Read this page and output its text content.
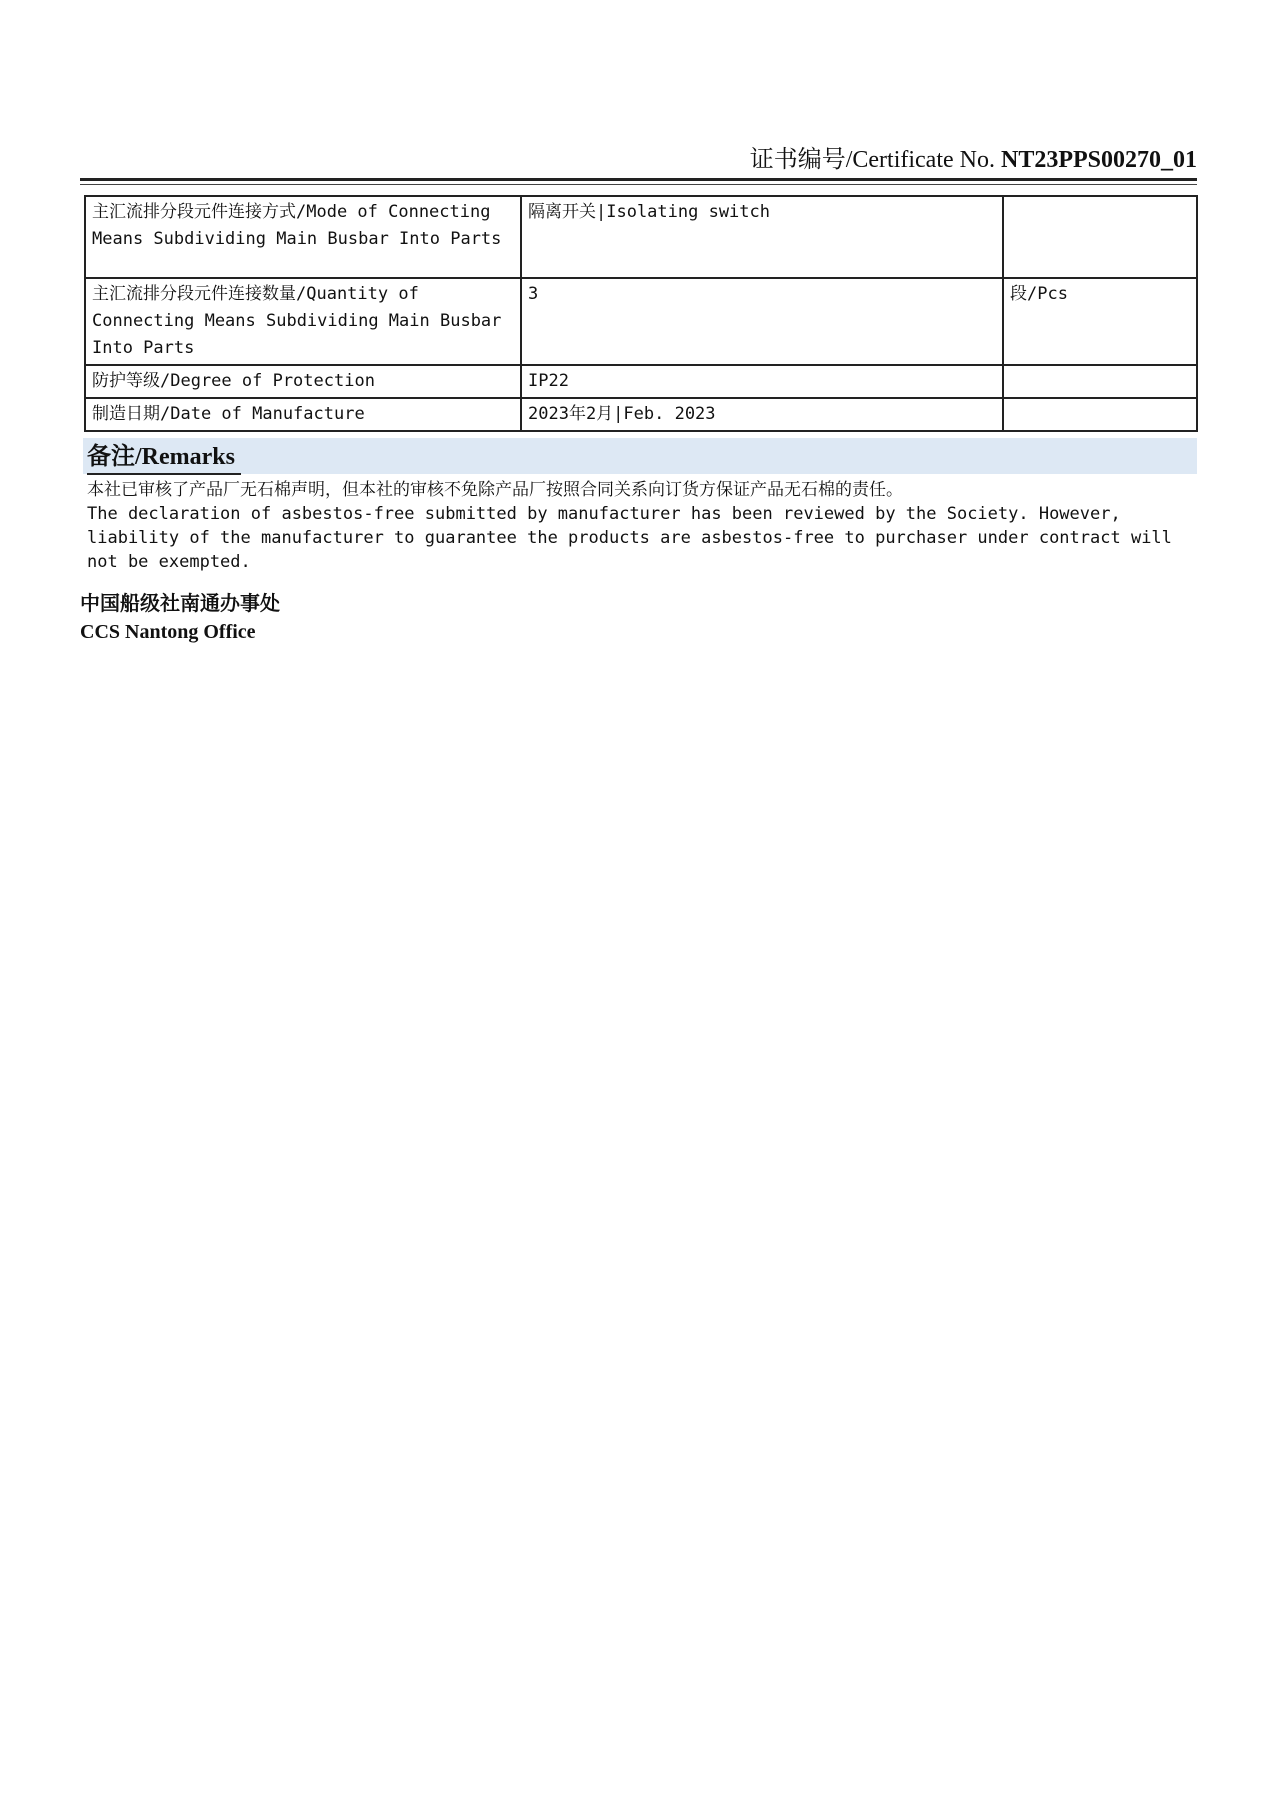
证书编号/Certificate No. NT23PPS00270_01
主汇流排分段元件连接方式/Mode of Connecting Means Subdividing Main Busbar Into Parts	隔离开关|Isolating switch	
主汇流排分段元件连接数量/Quantity of Connecting Means Subdividing Main Busbar Into Parts	3	段/Pcs
防护等级/Degree of Protection	IP22	
制造日期/Date of Manufacture	2023年2月|Feb. 2023	
备注/Remarks

本社已审核了产品厂无石棉声明，但本社的审核不免除产品厂按照合同关系向订货方保证产品无石棉的责任。

The declaration of asbestos-free submitted by manufacturer has been reviewed by the Society. However, liability of the manufacturer to guarantee the products are asbestos-free to purchaser under contract will not be exempted.

中国船级社南通办事处
CCS Nantong Office
